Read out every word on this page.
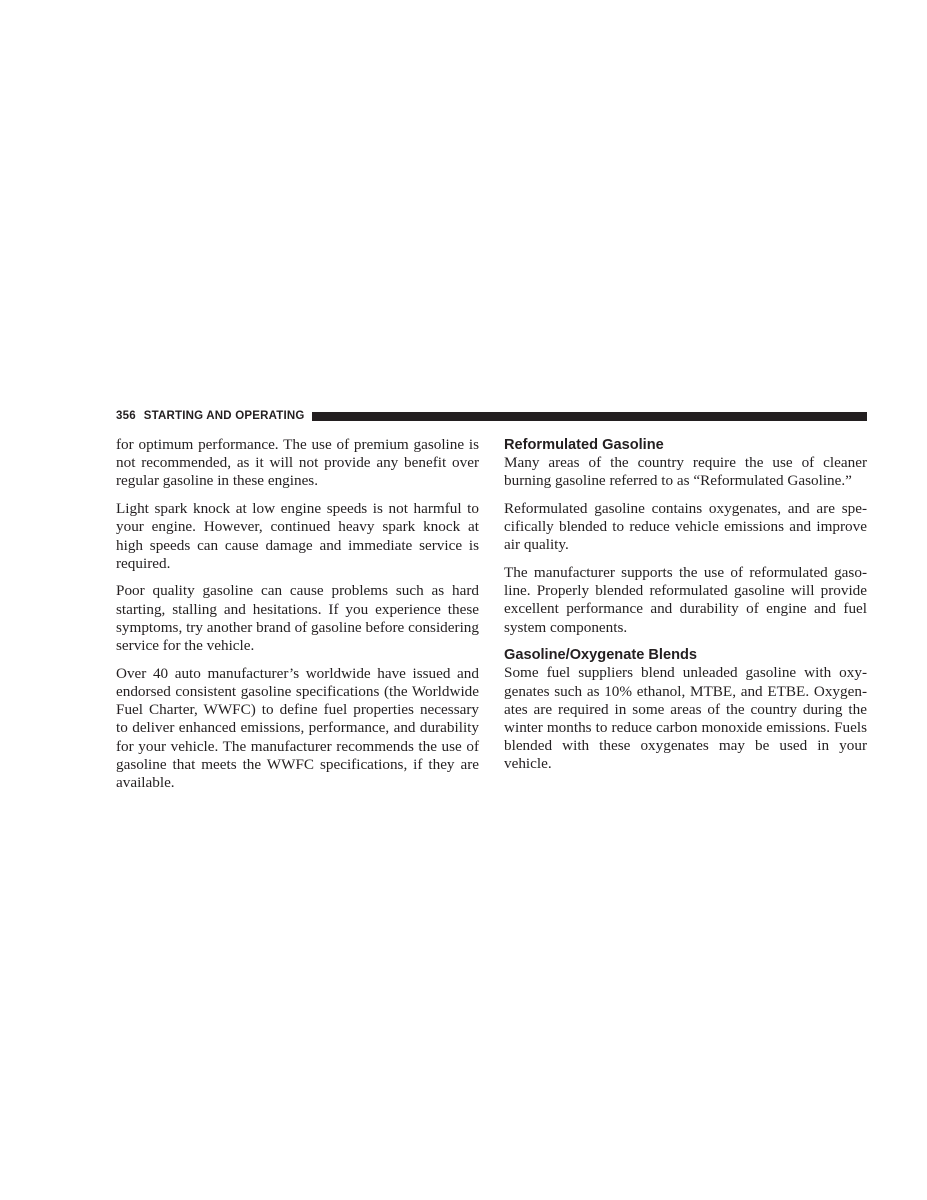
356 STARTING AND OPERATING

for optimum performance. The use of premium gasoline is not recommended, as it will not provide any benefit over regular gasoline in these engines.

Light spark knock at low engine speeds is not harmful to your engine. However, continued heavy spark knock at high speeds can cause damage and immediate service is required.

Poor quality gasoline can cause problems such as hard starting, stalling and hesitations. If you experience these symptoms, try another brand of gasoline before considering service for the vehicle.

Over 40 auto manufacturer’s worldwide have issued and endorsed consistent gasoline specifications (the Worldwide Fuel Charter, WWFC) to define fuel properties necessary to deliver enhanced emissions, performance, and durability for your vehicle. The manufacturer recommends the use of gasoline that meets the WWFC specifications, if they are available.

Reformulated Gasoline

Many areas of the country require the use of cleaner burning gasoline referred to as “Reformulated Gasoline.”

Reformulated gasoline contains oxygenates, and are specifically blended to reduce vehicle emissions and improve air quality.

The manufacturer supports the use of reformulated gasoline. Properly blended reformulated gasoline will provide excellent performance and durability of engine and fuel system components.

Gasoline/Oxygenate Blends

Some fuel suppliers blend unleaded gasoline with oxygenates such as 10% ethanol, MTBE, and ETBE. Oxygenates are required in some areas of the country during the winter months to reduce carbon monoxide emissions. Fuels blended with these oxygenates may be used in your vehicle.
